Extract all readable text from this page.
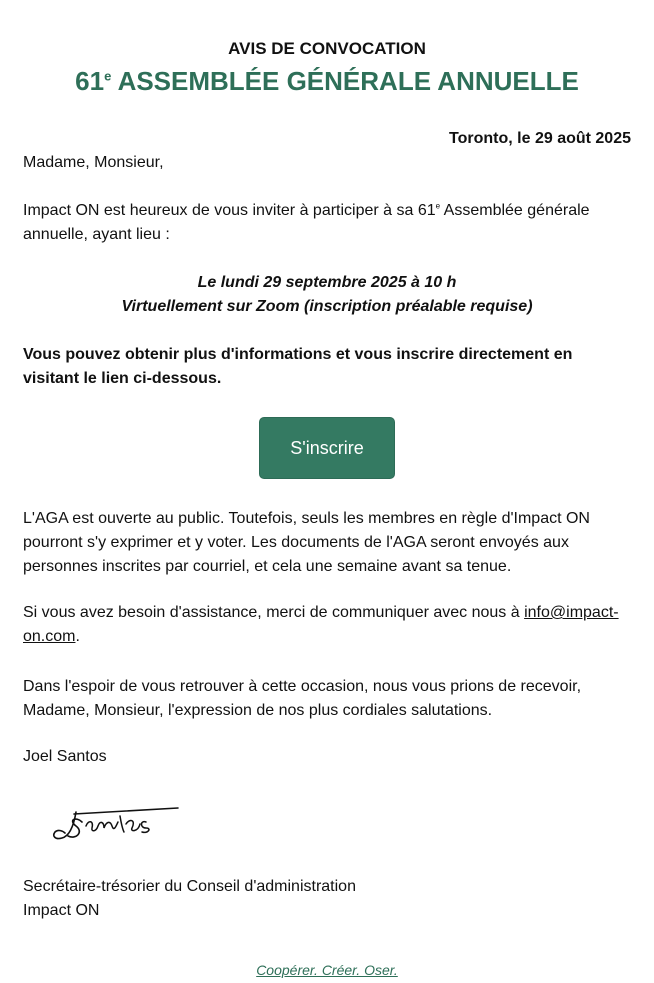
AVIS DE CONVOCATION
61e ASSEMBLÉE GÉNÉRALE ANNUELLE
Toronto, le 29 août 2025
Madame, Monsieur,
Impact ON est heureux de vous inviter à participer à sa 61e Assemblée générale annuelle, ayant lieu :
Le lundi 29 septembre 2025 à 10 h
Virtuellement sur Zoom (inscription préalable requise)
Vous pouvez obtenir plus d'informations et vous inscrire directement en visitant le lien ci-dessous.
S'inscrire
L'AGA est ouverte au public. Toutefois, seuls les membres en règle d'Impact ON pourront s'y exprimer et y voter. Les documents de l'AGA seront envoyés aux personnes inscrites par courriel, et cela une semaine avant sa tenue.
Si vous avez besoin d'assistance, merci de communiquer avec nous à info@impact-on.com.
Dans l'espoir de vous retrouver à cette occasion, nous vous prions de recevoir, Madame, Monsieur, l'expression de nos plus cordiales salutations.
Joel Santos
Secrétaire-trésorier du Conseil d'administration
Impact ON
Coopérer. Créer. Oser.
